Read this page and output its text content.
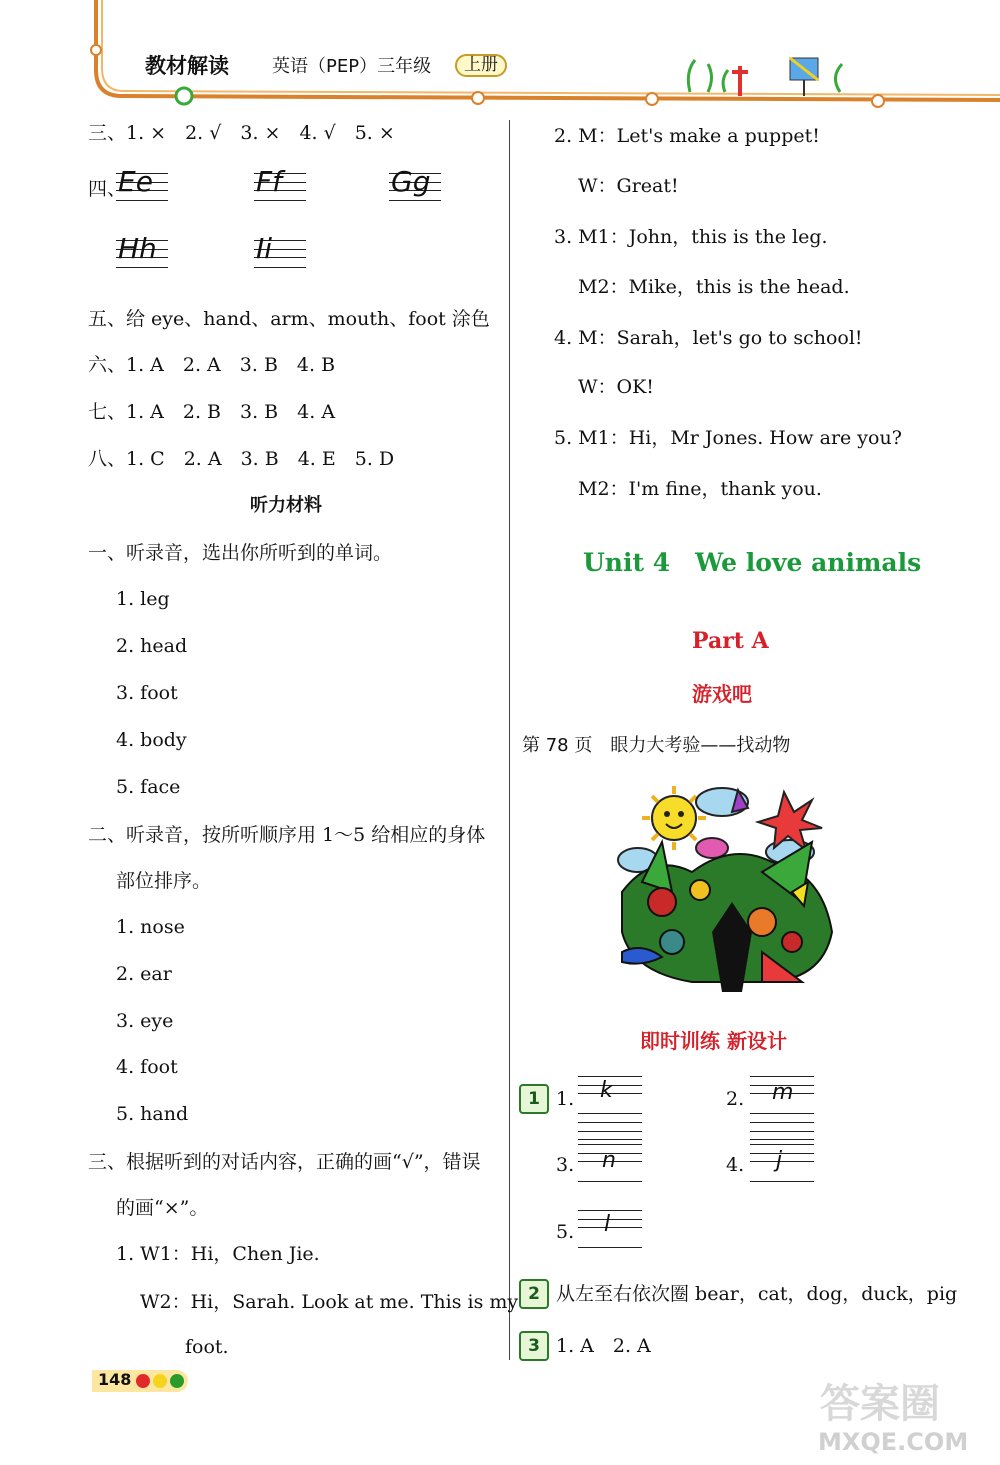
教材解读 英语（PEP）三年级	上册
三、1. ×　2. √　3. ×　4. √　5. ×
四、
Ee	Ff	Gg
Hh	Ii
五、给 eye、hand、arm、mouth、foot 涂色
六、1. A　2. A　3. B　4. B
七、1. A　2. B　3. B　4. A
八、1. C　2. A　3. B　4. E　5. D
听力材料
一、听录音，选出你所听到的单词。
1. leg
2. head
3. foot
4. body
5. face
二、听录音，按所听顺序用 1～5 给相应的身体
部位排序。
1. nose
2. ear
3. eye
4. foot
5. hand
三、根据听到的对话内容，正确的画“√”，错误
的画“×”。
1. W1：Hi，Chen Jie.
W2：Hi，Sarah. Look at me. This is my
foot.
148
2. M：Let's make a puppet!
W：Great!
3. M1：John，this is the leg.
M2：Mike，this is the head.
4. M：Sarah，let's go to school!
W：OK!
5. M1：Hi，Mr Jones. How are you?
M2：I'm fine，thank you.
Unit 4　We love animals
Part A
游戏吧
第 78 页　眼力大考验——找动物
即时训练 新设计
1 1. k	2. m
3. n	4. j
5. l
2 从左至右依次圈 bear，cat，dog，duck，pig
3 1. A　2. A
答案圈
MXQE.COM
